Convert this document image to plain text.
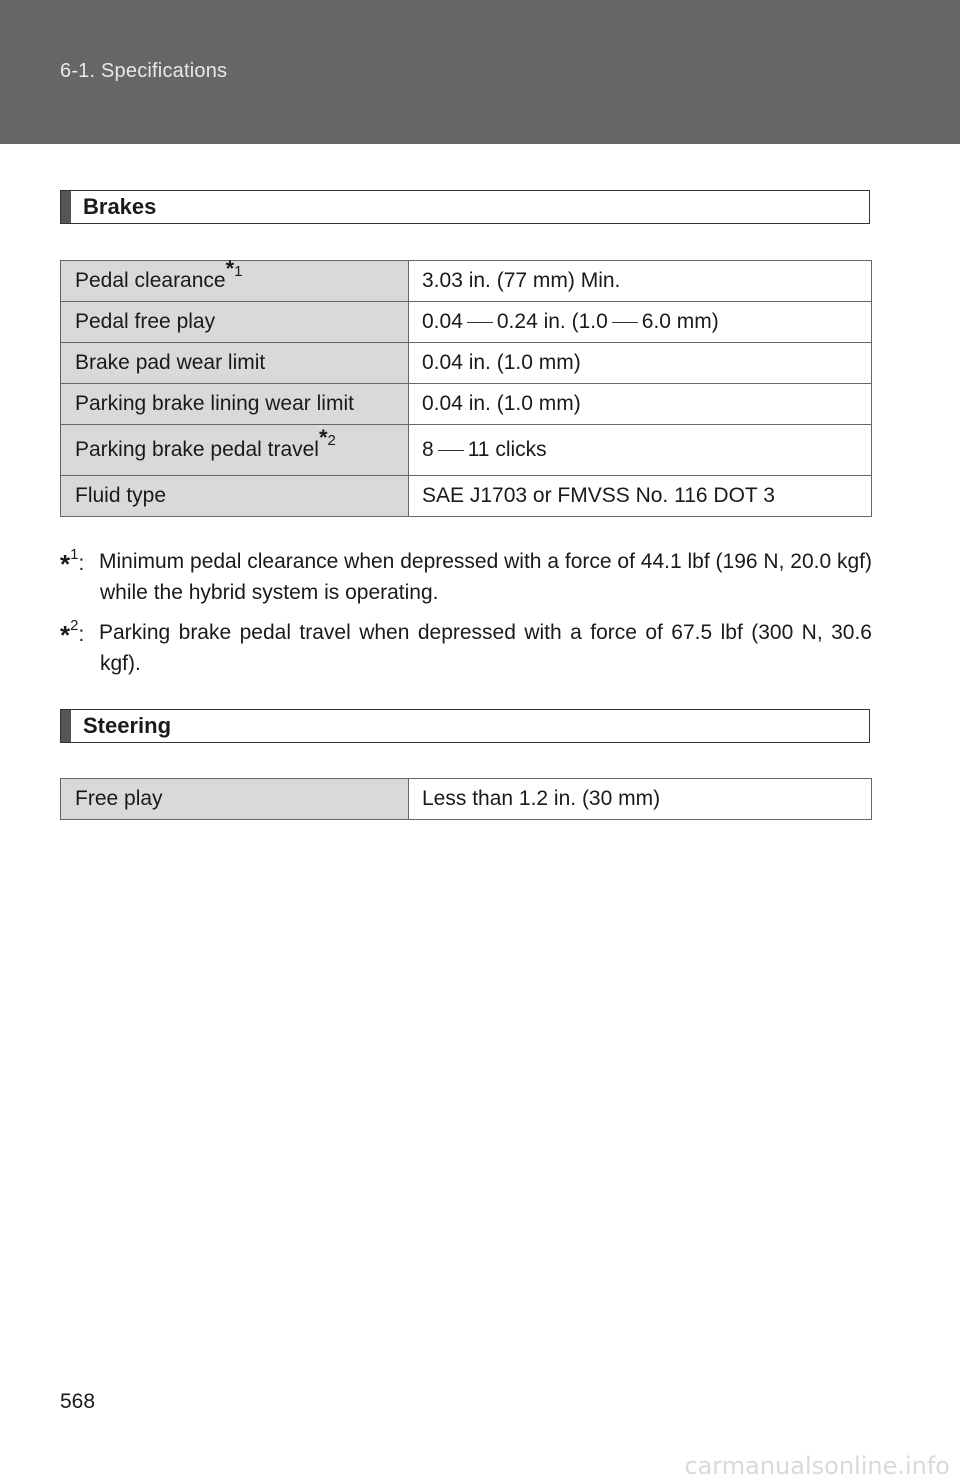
6-1. Specifications
Brakes
Pedal clearance$^{*1}$	3.03 in. (77 mm) Min.
Pedal free play	0.04 0.24 in. (1.0 6.0 mm)
Brake pad wear limit	0.04 in. (1.0 mm)
Parking brake lining wear limit	0.04 in. (1.0 mm)
Parking brake pedal travel$^{*2}$	8 11 clicks
Fluid type	SAE J1703 or FMVSS No. 116 DOT 3
*$^1$: Minimum pedal clearance when depressed with a force of 44.1 lbf (196 N, 20.0 kgf) while the hybrid system is operating.
*$^2$: Parking brake pedal travel when depressed with a force of 67.5 lbf (300 N, 30.6 kgf).
Steering
Free play	Less than 1.2 in. (30 mm)
568
carmanualsonline.info
